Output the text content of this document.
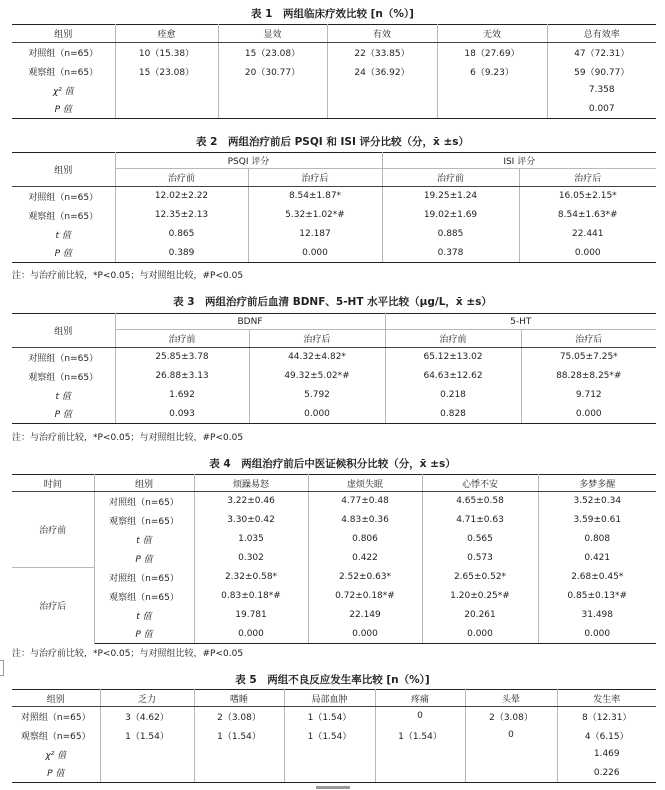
表 1　两组临床疗效比较 [n（%）]
组别	痊愈	显效	有效	无效	总有效率
对照组（n=65）	10（15.38）	15（23.08）	22（33.85）	18（27.69）	47（72.31）
观察组（n=65）	15（23.08）	20（30.77）	24（36.92）	6（9.23）	59（90.77）
χ² 值					7.358
P 值					0.007
表 2　两组治疗前后 PSQI 和 ISI 评分比较（分，x̄ ±s）
组别	PSQI 评分		ISI 评分	
	治疗前	治疗后	治疗前	治疗后
对照组（n=65）	12.02±2.22	8.54±1.87*	19.25±1.24	16.05±2.15*
观察组（n=65）	12.35±2.13	5.32±1.02*#	19.02±1.69	8.54±1.63*#
t 值	0.865	12.187	0.885	22.441
P 值	0.389	0.000	0.378	0.000
注：与治疗前比较，*P<0.05；与对照组比较，#P<0.05
表 3　两组治疗前后血清 BDNF、5-HT 水平比较（μg/L，x̄ ±s）
组别	BDNF		5-HT	
	治疗前	治疗后	治疗前	治疗后
对照组（n=65）	25.85±3.78	44.32±4.82*	65.12±13.02	75.05±7.25*
观察组（n=65）	26.88±3.13	49.32±5.02*#	64.63±12.62	88.28±8.25*#
t 值	1.692	5.792	0.218	9.712
P 值	0.093	0.000	0.828	0.000
注：与治疗前比较，*P<0.05；与对照组比较，#P<0.05
表 4　两组治疗前后中医证候积分比较（分，x̄ ±s）
时间	组别	烦躁易怒	虚烦失眠	心悸不安	多梦多醒
治疗前	对照组（n=65）	3.22±0.46	4.77±0.48	4.65±0.58	3.52±0.34
	观察组（n=65）	3.30±0.42	4.83±0.36	4.71±0.63	3.59±0.61
	t 值	1.035	0.806	0.565	0.808
	P 值	0.302	0.422	0.573	0.421
治疗后	对照组（n=65）	2.32±0.58*	2.52±0.63*	2.65±0.52*	2.68±0.45*
	观察组（n=65）	0.83±0.18*#	0.72±0.18*#	1.20±0.25*#	0.85±0.13*#
	t 值	19.781	22.149	20.261	31.498
	P 值	0.000	0.000	0.000	0.000
注：与治疗前比较，*P<0.05；与对照组比较，#P<0.05
表 5　两组不良反应发生率比较 [n（%）]
组别	乏力	嗜睡	局部血肿	疼痛	头晕	发生率
对照组（n=65）	3（4.62）	2（3.08）	1（1.54）	0	2（3.08）	8（12.31）
观察组（n=65）	1（1.54）	1（1.54）	1（1.54）	1（1.54）	0	4（6.15）
χ² 值						1.469
P 值						0.226
